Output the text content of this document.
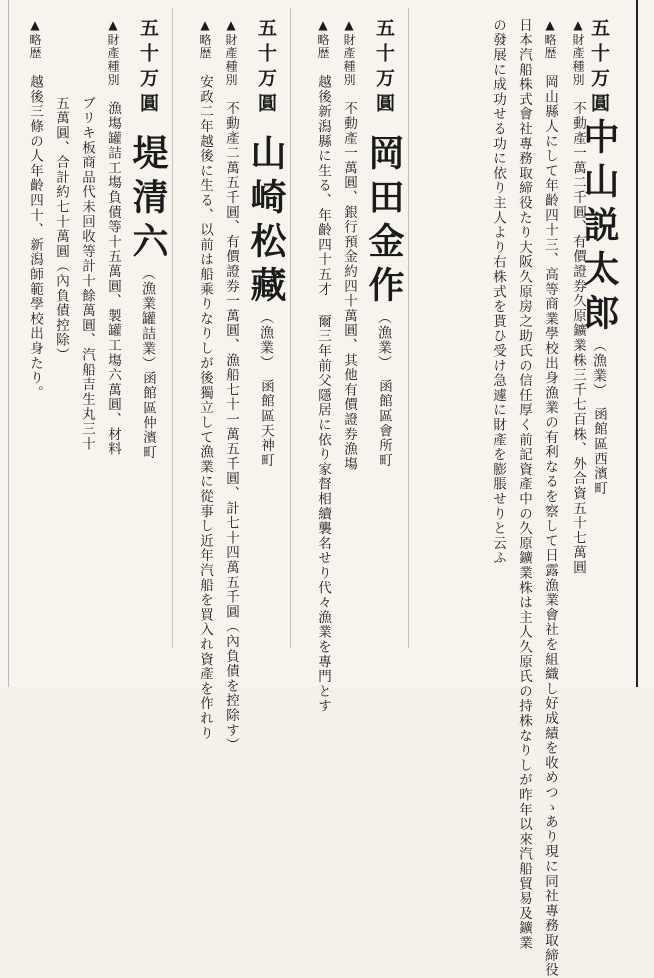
五十万圓中山説太郎（漁業）　函館區西濱町
▲財產種別　不動產一萬二千圓、有價證券久原鑛業株三千七百株、外合資五十七萬圓
▲略歴　岡山縣人にして年齡四十三、高等商業學校出身漁業の有利なるを察して日露漁業會社を組織し好成績を收めつゝあり現に同社專務取締役
日本汽船株式會社專務取締役たり大阪久原房之助氏の信任厚く前記資產中の久原鑛業株は主人久原氏の持株なりしが昨年以來汽船貿易及鑛業
の發展に成功せる功に依り主人より右株式を貰ひ受け急遽に財產を膨脹せりと云ふ
五十万圓　岡田金作（漁業）　函館區會所町
▲財產種別　不動產一萬圓、銀行預金約四十萬圓、其他有價證券漁塲
▲略歴　越後新潟縣に生る、年齡四十五才 爾三年前父隱居に依り家督相續襲名せり代々漁業を專門とす
五十万圓　山崎松藏（漁業）　函館區天神町
▲財產種別　不動產二萬五千圓、有價證券一萬圓、漁船七十一萬五千圓、計七十四萬五千圓（內負債を控除す）
▲略歴　安政二年越後に生る、以前は船乘りなりしが後獨立して漁業に從事し近年汽船を買入れ資產を作れり
五十万圓　堤清六（漁業罐詰業）函館區仲濱町
▲財產種別　漁塲罐詰工塲負債等十五萬圓、製罐工塲六萬圓、材料
ブリキ板商品代未回收等計十餘萬圓、汽船吉生丸三十
五萬圓、合計約七十萬圓（內負債控除）
▲略歴　越後三條の人年齡四十、新潟師範學校出身たり。
